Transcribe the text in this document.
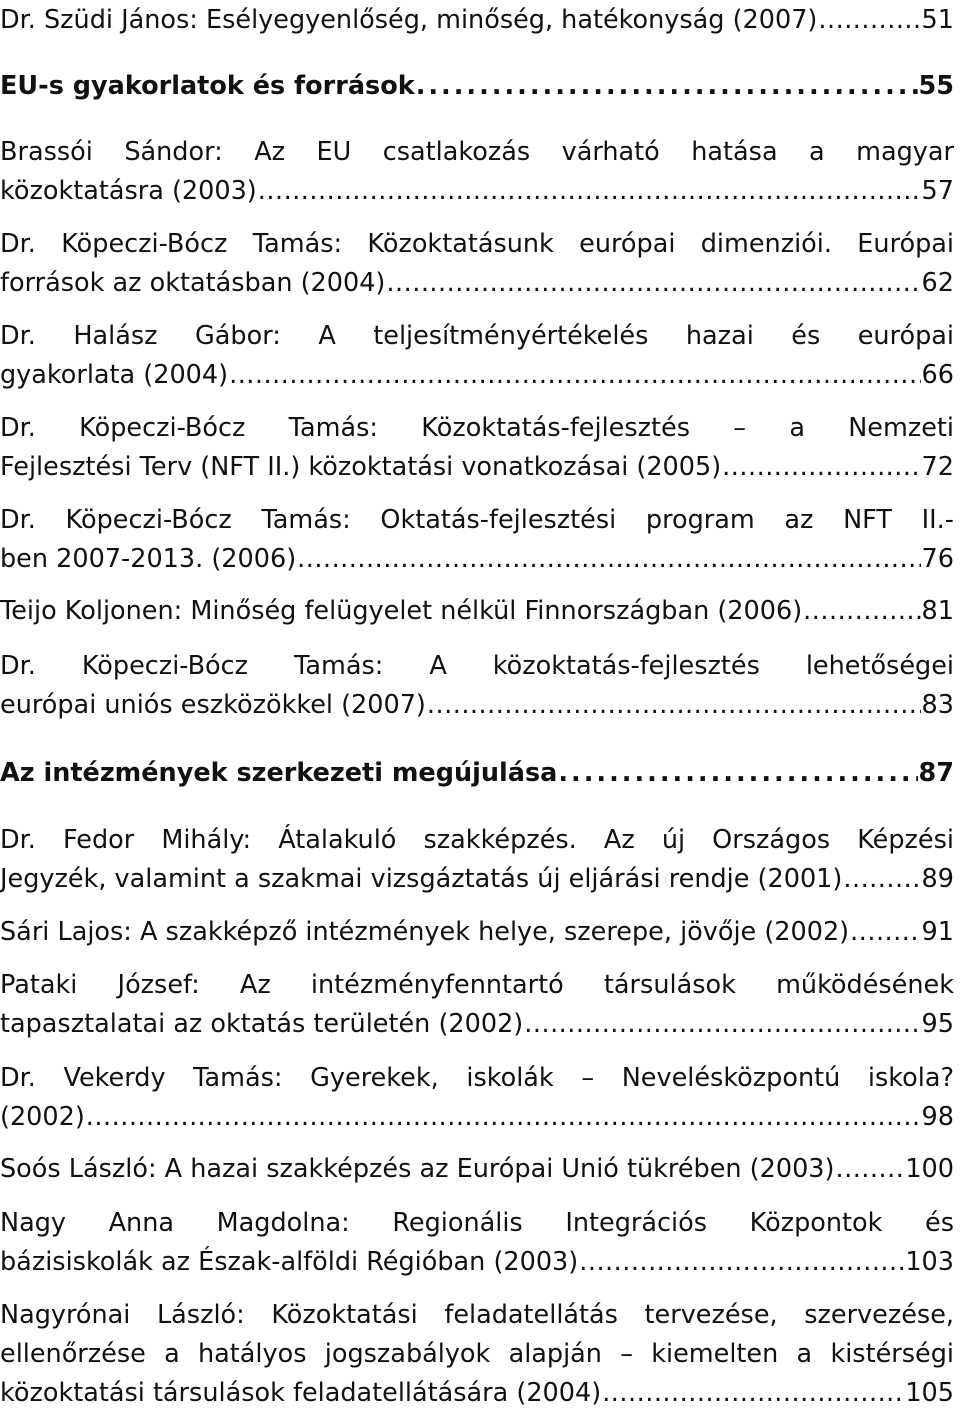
Dr. Szüdi János: Esélyegyenlőség, minőség, hatékonyság (2007) .....	51
EU-s gyakorlatok és források .....	55
Brassói Sándor: Az EU csatlakozás várható hatása a magyar
közoktatásra (2003) .....	57
Dr. Köpeczi-Bócz Tamás: Közoktatásunk európai dimenziói. Európai
források az oktatásban (2004) .....	62
Dr. Halász Gábor: A teljesítményértékelés hazai és európai
gyakorlata (2004) .....	66
Dr. Köpeczi-Bócz Tamás: Közoktatás-fejlesztés – a Nemzeti
Fejlesztési Terv (NFT II.) közoktatási vonatkozásai (2005) .....	72
Dr. Köpeczi-Bócz Tamás: Oktatás-fejlesztési program az NFT II.-
ben 2007-2013. (2006) .....	76
Teijo Koljonen: Minőség felügyelet nélkül Finnországban (2006) .....	81
Dr. Köpeczi-Bócz Tamás: A közoktatás-fejlesztés lehetőségei
európai uniós eszközökkel (2007) .....	83
Az intézmények szerkezeti megújulása .....	87
Dr. Fedor Mihály: Átalakuló szakképzés. Az új Országos Képzési
Jegyzék, valamint a szakmai vizsgáztatás új eljárási rendje (2001) .....	89
Sári Lajos: A szakképző intézmények helye, szerepe, jövője (2002) .....	91
Pataki József: Az intézményfenntartó társulások működésének
tapasztalatai az oktatás területén (2002) .....	95
Dr. Vekerdy Tamás: Gyerekek, iskolák – Nevelésközpontú iskola?
(2002) .....	98
Soós László: A hazai szakképzés az Európai Unió tükrében (2003) .....	100
Nagy Anna Magdolna: Regionális Integrációs Központok és
bázisiskolák az Észak-alföldi Régióban (2003) .....	103
Nagyrónai László: Közoktatási feladatellátás tervezése, szervezése,
ellenőrzése a hatályos jogszabályok alapján – kiemelten a kistérségi
közoktatási társulások feladatellátására (2004) .....	105
